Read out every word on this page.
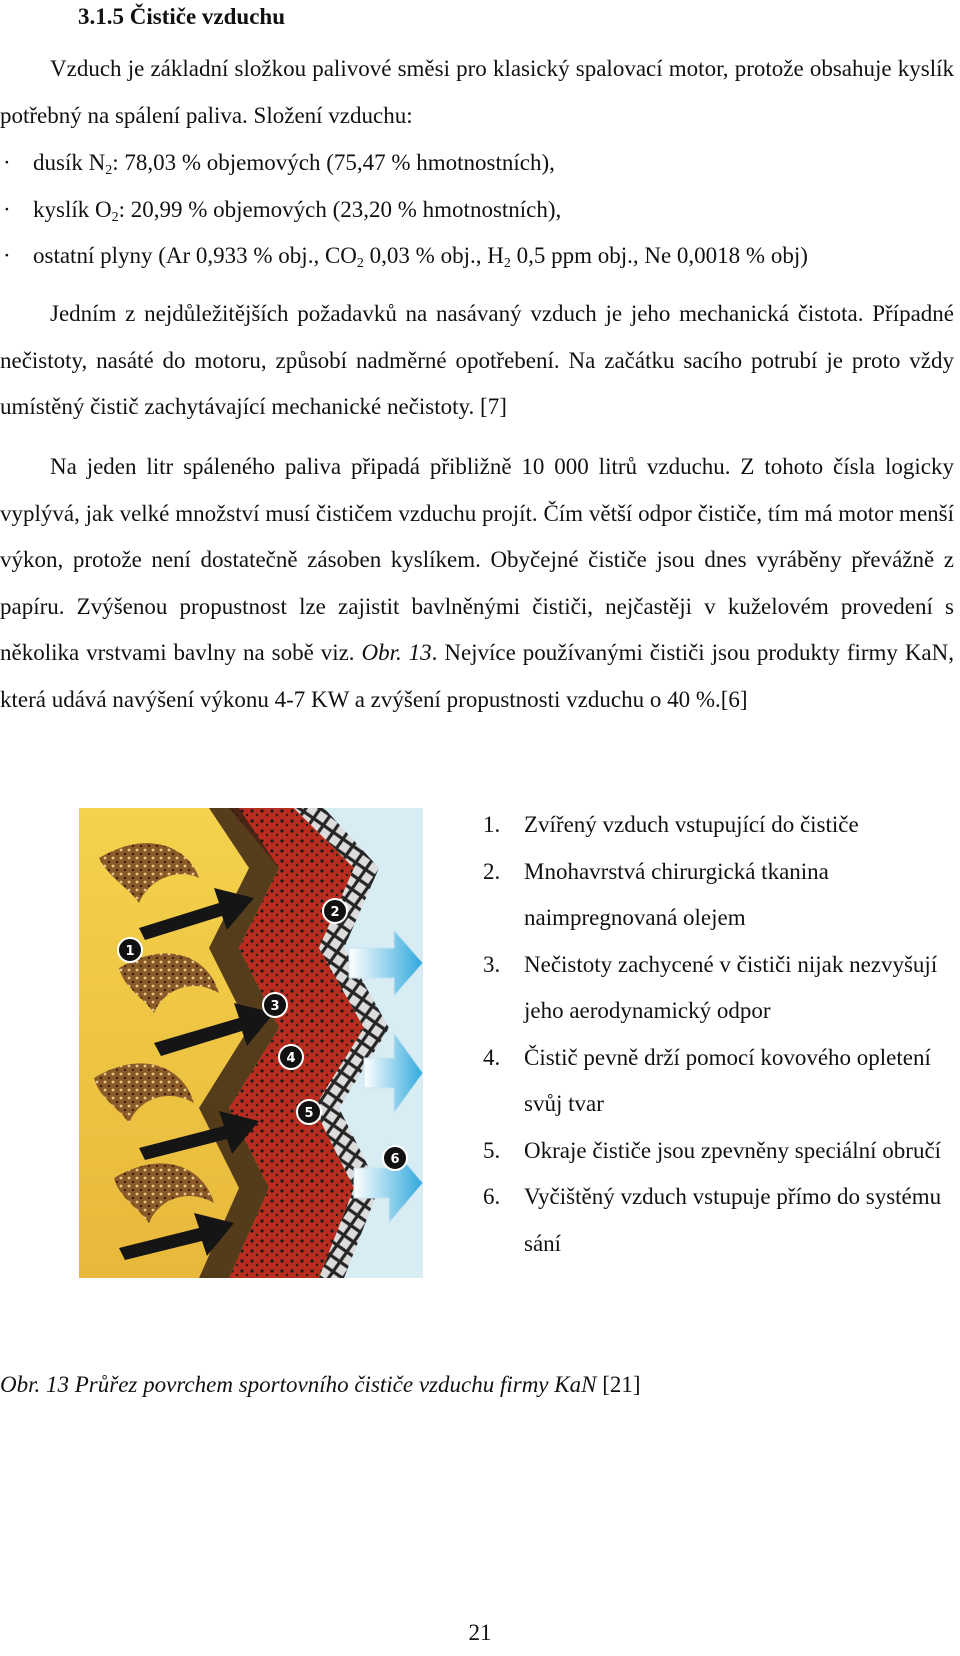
3.1.5 Čističe vzduchu

Vzduch je základní složkou palivové směsi pro klasický spalovací motor, protože obsahuje kyslík potřebný na spálení paliva. Složení vzduchu:

· dusík $N_2$: 78,03 % objemových (75,47 % hmotnostních),
· kyslík $O_2$: 20,99 % objemových (23,20 % hmotnostních),
· ostatní plyny (Ar 0,933 % obj., $CO_2$ 0,03 % obj., $H_2$ 0,5 ppm obj., Ne 0,0018 % obj)

Jedním z nejdůležitějších požadavků na nasávaný vzduch je jeho mechanická čistota. Případné nečistoty, nasáté do motoru, způsobí nadměrné opotřebení. Na začátku sacího potrubí je proto vždy umístěný čistič zachytávající mechanické nečistoty. [7]

Na jeden litr spáleného paliva připadá přibližně 10 000 litrů vzduchu. Z tohoto čísla logicky vyplývá, jak velké množství musí čističem vzduchu projít. Čím větší odpor čističe, tím má motor menší výkon, protože není dostatečně zásoben kyslíkem. Obyčejné čističe jsou dnes vyráběny převážně z papíru. Zvýšenou propustnost lze zajistit bavlněnými čističi, nejčastěji v kuželovém provedení s několika vrstvami bavlny na sobě viz. Obr. 13. Nejvíce používanými čističi jsou produkty firmy KaN, která udává navýšení výkonu 4-7 KW a zvýšení propustnosti vzduchu o 40 %.[6]

1
2
3
4
5
6
1. Zvířený vzduch vstupující do čističe
2. Mnohavrstvá chirurgická tkanina naimpregnovaná olejem
3. Nečistoty zachycené v čističi nijak nezvyšují jeho aerodynamický odpor
4. Čistič pevně drží pomocí kovového opletení svůj tvar
5. Okraje čističe jsou zpevněny speciální obručí
6. Vyčištěný vzduch vstupuje přímo do systému sání
Obr. 13 Průřez povrchem sportovního čističe vzduchu firmy KaN [21]
21
